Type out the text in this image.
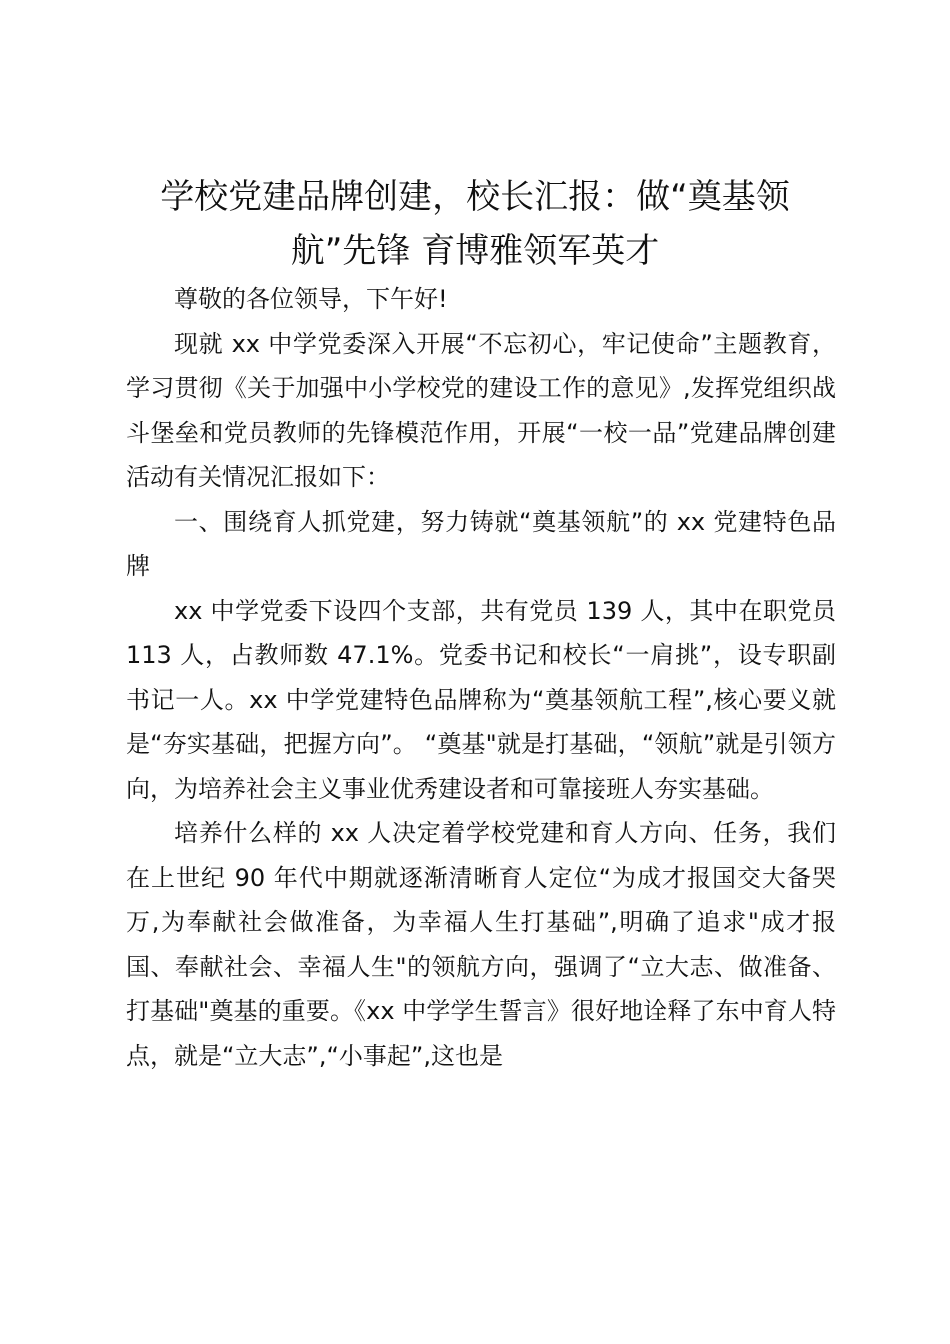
学校党建品牌创建，校长汇报：做“奠基领
航”先锋 育博雅领军英才

尊敬的各位领导，下午好!

现就 xx 中学党委深入开展“不忘初心，牢记使命”主题教育，学习贯彻《关于加强中小学校党的建设工作的意见》,发挥党组织战斗堡垒和党员教师的先锋模范作用，开展“一校一品”党建品牌创建活动有关情况汇报如下：

一、围绕育人抓党建，努力铸就“奠基领航”的 xx 党建特色品牌

xx 中学党委下设四个支部，共有党员 139 人，其中在职党员 113 人，占教师数 47.1%。党委书记和校长“一肩挑”，设专职副书记一人。xx 中学党建特色品牌称为“奠基领航工程”,核心要义就是“夯实基础，把握方向”。 “奠基"就是打基础，“领航”就是引领方向，为培养社会主义事业优秀建设者和可靠接班人夯实基础。

培养什么样的 xx 人决定着学校党建和育人方向、任务，我们在上世纪 90 年代中期就逐渐清晰育人定位“为成才报国交大备哭万,为奉献社会做准备，为幸福人生打基础”,明确了追求"成才报国、奉献社会、幸福人生"的领航方向，强调了“立大志、做准备、打基础"奠基的重要。《xx 中学学生誓言》很好地诠释了东中育人特点，就是“立大志”,“小事起”,这也是
